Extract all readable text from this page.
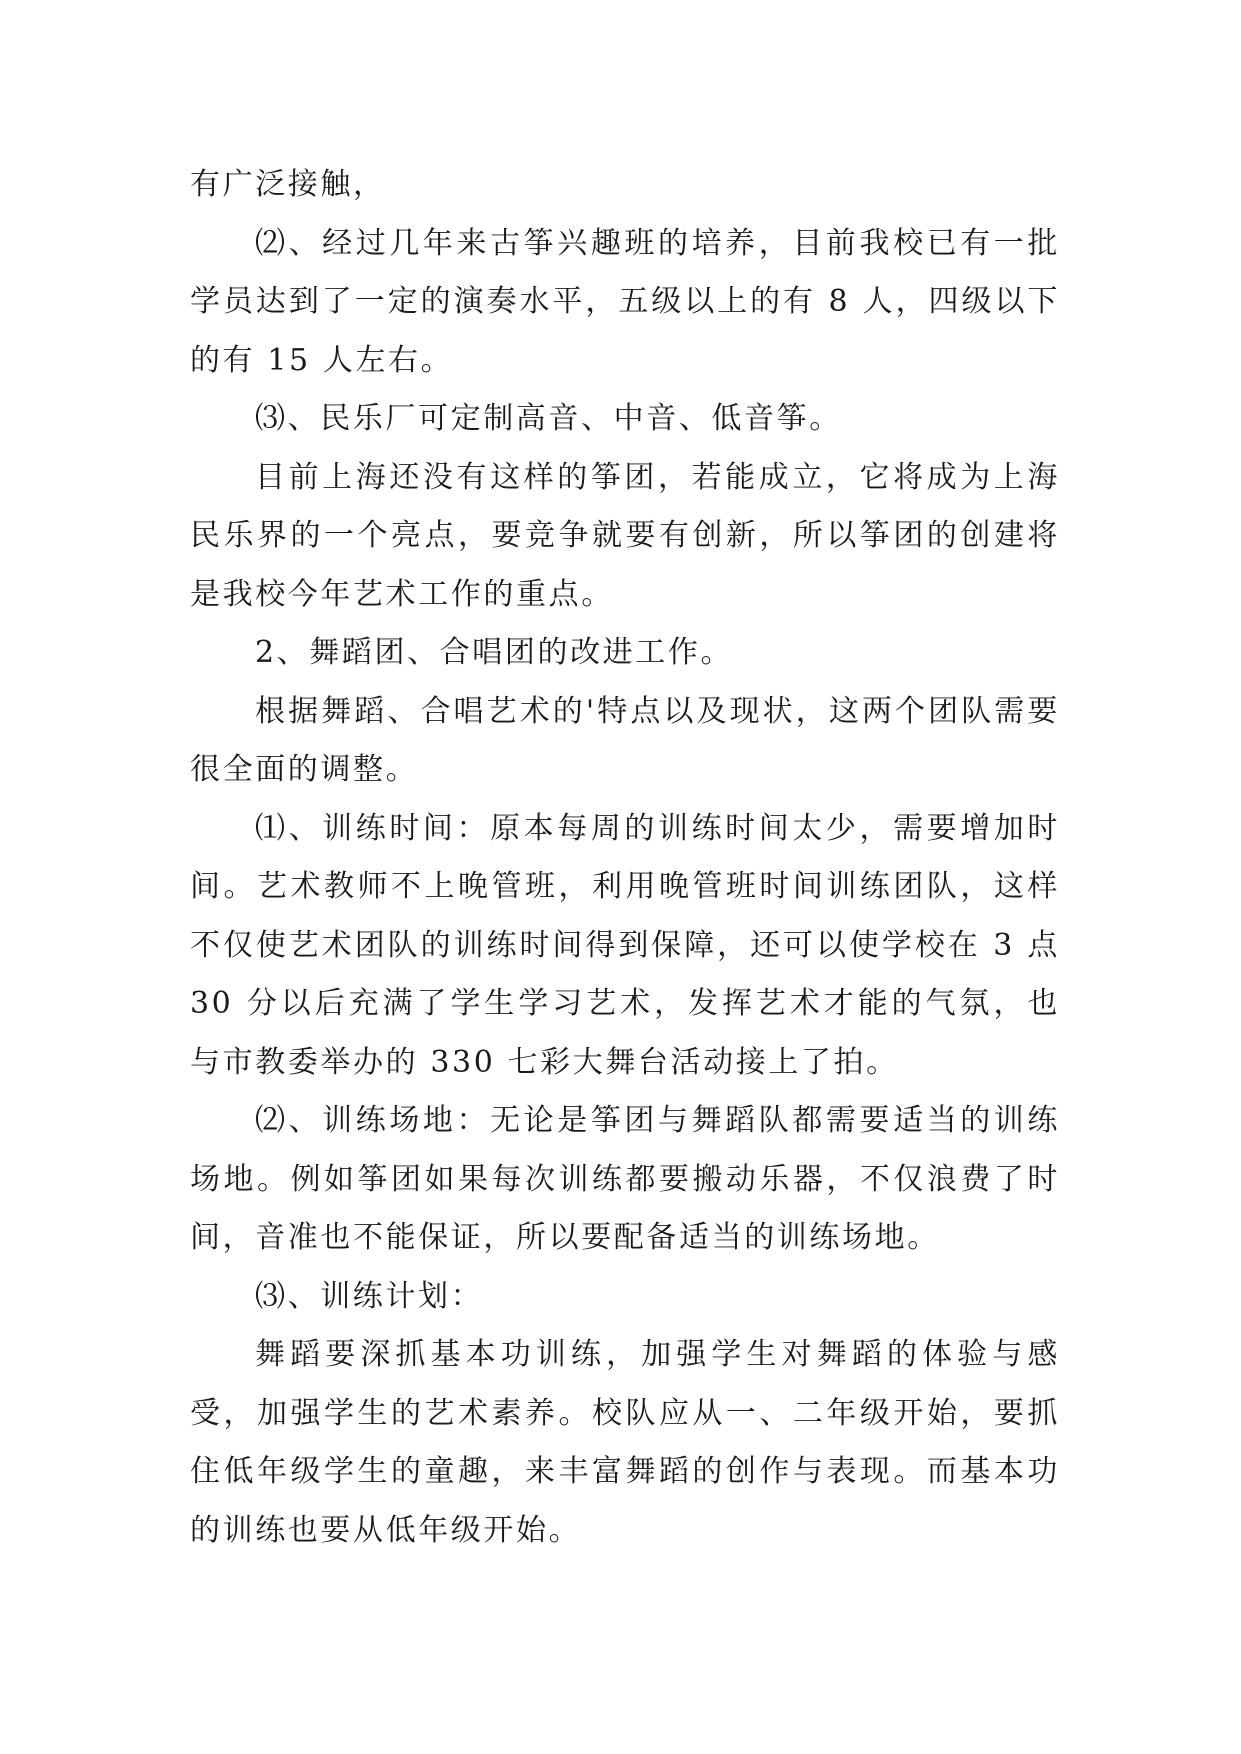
有广泛接触，

⑵、经过几年来古筝兴趣班的培养，目前我校已有一批学员达到了一定的演奏水平，五级以上的有 8 人，四级以下的有 15 人左右。

⑶、民乐厂可定制高音、中音、低音筝。

目前上海还没有这样的筝团，若能成立，它将成为上海民乐界的一个亮点，要竞争就要有创新，所以筝团的创建将是我校今年艺术工作的重点。

2、舞蹈团、合唱团的改进工作。

根据舞蹈、合唱艺术的'特点以及现状，这两个团队需要很全面的调整。

⑴、训练时间：原本每周的训练时间太少，需要增加时间。艺术教师不上晚管班，利用晚管班时间训练团队，这样不仅使艺术团队的训练时间得到保障，还可以使学校在 3 点 30 分以后充满了学生学习艺术，发挥艺术才能的气氛，也与市教委举办的 330 七彩大舞台活动接上了拍。

⑵、训练场地：无论是筝团与舞蹈队都需要适当的训练场地。例如筝团如果每次训练都要搬动乐器，不仅浪费了时间，音准也不能保证，所以要配备适当的训练场地。

⑶、训练计划：

舞蹈要深抓基本功训练，加强学生对舞蹈的体验与感受，加强学生的艺术素养。校队应从一、二年级开始，要抓住低年级学生的童趣，来丰富舞蹈的创作与表现。而基本功的训练也要从低年级开始。
